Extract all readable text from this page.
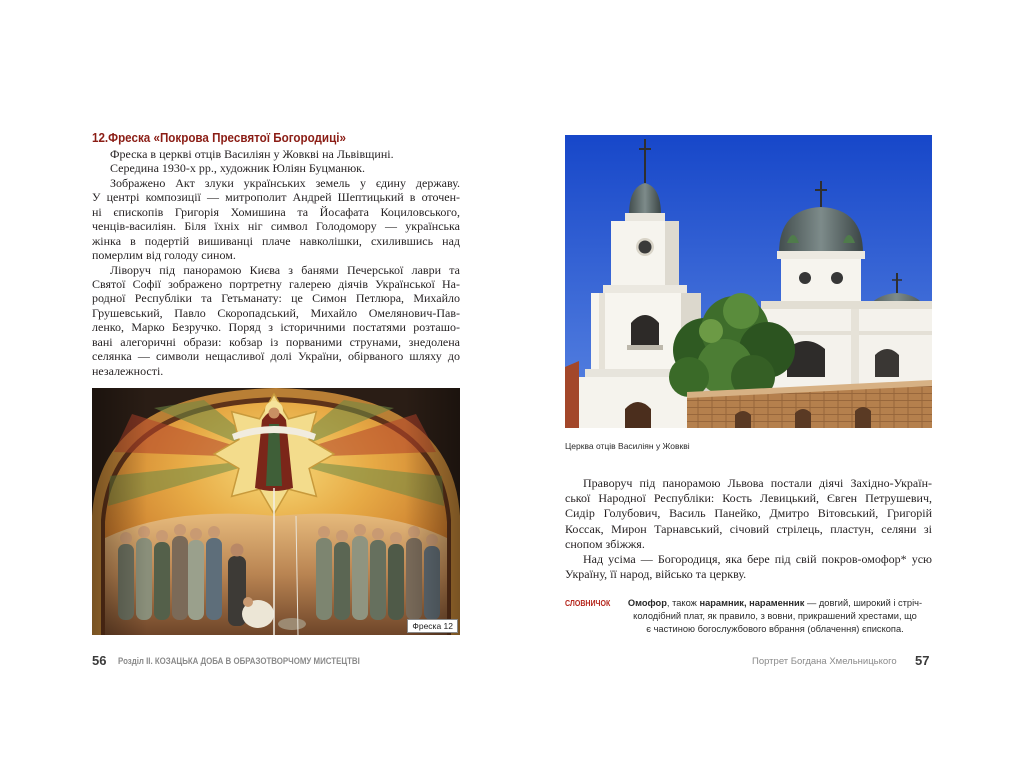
12.Фреска «Покрова Пресвятої Богородиці»
Фреска в церкві отців Василіян у Жовкві на Львівщині.
Середина 1930-х рр., художник Юліян Буцманюк.
Зображено Акт злуки українських земель у єдину державу.
У центрі композиції — митрополит Андрей Шептицький в оточен-
ні єпископів Григорія Хомишина та Йосафата Коциловського,
ченців-василіян. Біля їхніх ніг символ Голодомору — українська
жінка в подертій вишиванці плаче навколішки, схилившись над
померлим від голоду сином.
Ліворуч під панорамою Києва з банями Печерської лаври та
Святої Софії зображено портретну галерею діячів Української На-
родної Республіки та Гетьманату: це Симон Петлюра, Михайло
Грушевський, Павло Скоропадський, Михайло Омелянович-Пав-
ленко, Марко Безручко. Поряд з історичними постатями розташо-
вані алегоричні образи: кобзар із порваними струнами, знедолена
селянка — символи нещасливої долі України, обірваного шляху до
незалежності.
Фреска 12
56 Розділ ІІ. КОЗАЦЬКА ДОБА В ОБРАЗОТВОРЧОМУ МИСТЕЦТВІ
Церква отців Василіян у Жовкві
Праворуч під панорамою Львова постали діячі Західно-Україн-
ської Народної Республіки: Кость Левицький, Євген Петрушевич,
Сидір Голубович, Василь Панейко, Дмитро Вітовський, Григорій
Коссак, Мирон Тарнавський, січовий стрілець, пластун, селяни зі
снопом збіжжя.
Над усіма — Богородиця, яка бере під свій покров-омофор* усю
Україну, її народ, військо та церкву.
СЛОВНИЧОК	Омофор, також нарамник, нараменник — довгий, широкий і стріч-
колодібний плат, як правило, з вовни, прикрашений хрестами, що
є частиною богослужбового вбрання (облачення) єпископа.
Портрет Богдана Хмельницького 57
